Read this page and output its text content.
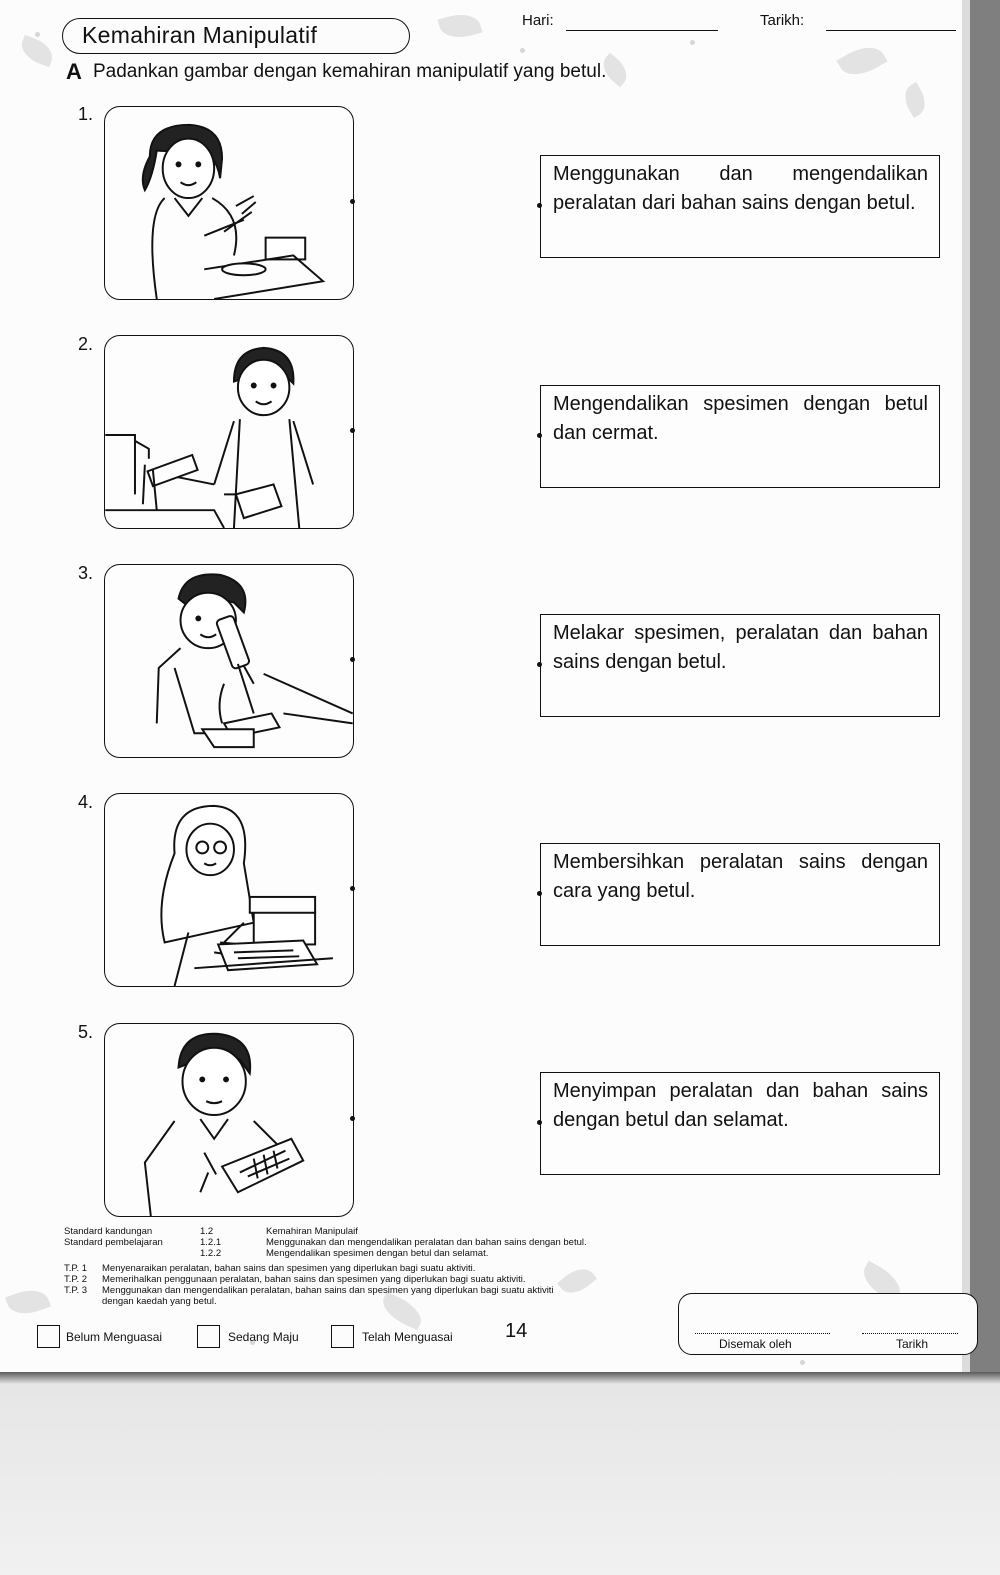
Kemahiran Manipulatif
Hari:	Tarikh:
A Padankan gambar dengan kemahiran manipulatif yang betul.
1.
2.
3.
4.
5.
Menggunakan dan mengendalikan peralatan dari bahan sains dengan betul.
Mengendalikan spesimen dengan betul dan cermat.
Melakar spesimen, peralatan dan bahan sains dengan betul.
Membersihkan peralatan sains dengan cara yang betul.
Menyimpan peralatan dan bahan sains dengan betul dan selamat.
Standard kandungan	1.2	Kemahiran Manipulaif
Standard pembelajaran	1.2.1	Menggunakan dan mengendalikan peralatan dan bahan sains dengan betul.
1.2.2	Mengendalikan spesimen dengan betul dan selamat.
T.P. 1 Menyenaraikan peralatan, bahan sains dan spesimen yang diperlukan bagi suatu aktiviti.
T.P. 2 Memerihalkan penggunaan peralatan, bahan sains dan spesimen yang diperlukan bagi suatu aktiviti.
T.P. 3 Menggunakan dan mengendalikan peralatan, bahan sains dan spesimen yang diperlukan bagi suatu aktiviti
dengan kaedah yang betul.
Belum Menguasai	Sedang Maju	Telah Menguasai	14
Disemak oleh	Tarikh
